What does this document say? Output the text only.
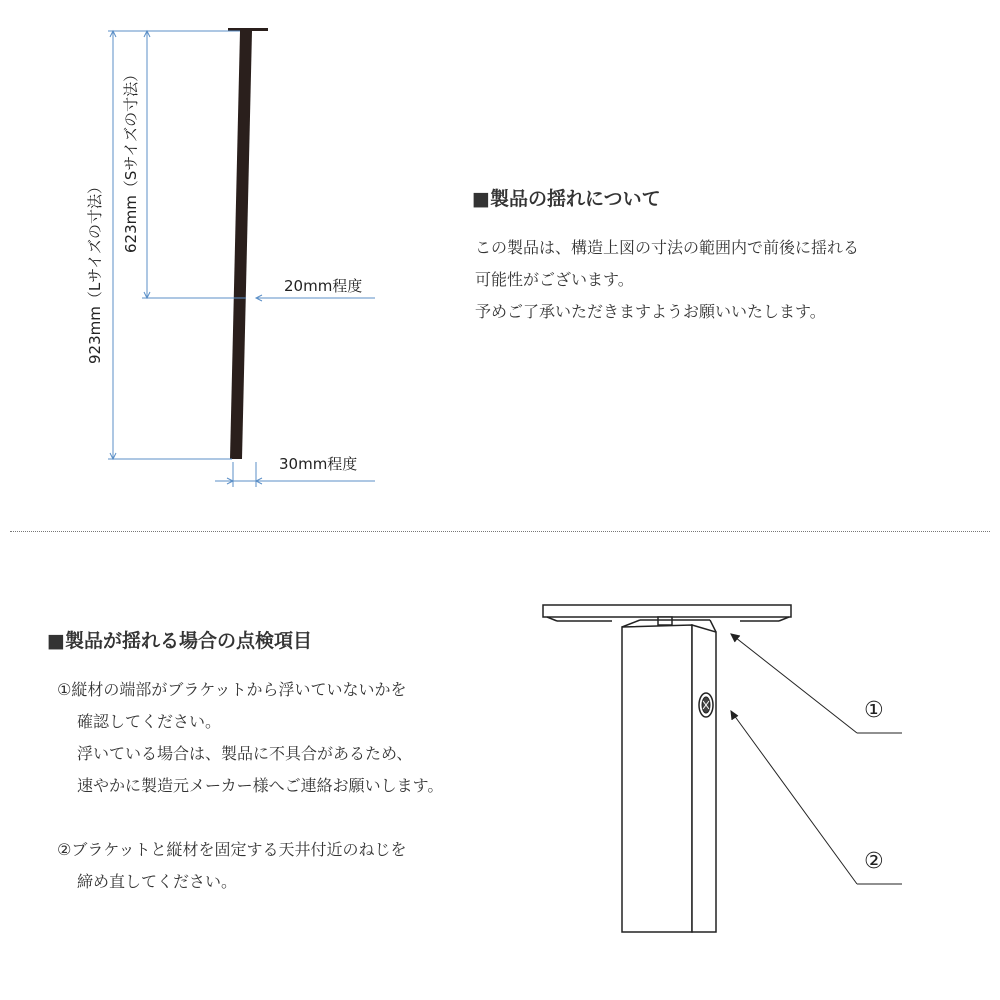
923mm（Lサイズの寸法）
623mm（Sサイズの寸法）
20mm程度
30mm程度
■製品の揺れについて
この製品は、構造上図の寸法の範囲内で前後に揺れる
可能性がございます。
予めご了承いただきますようお願いいたします。
■製品が揺れる場合の点検項目
①縦材の端部がブラケットから浮いていないかを
確認してください。
浮いている場合は、製品に不具合があるため、
速やかに製造元メーカー様へご連絡お願いします。
②ブラケットと縦材を固定する天井付近のねじを
締め直してください。
①
②
